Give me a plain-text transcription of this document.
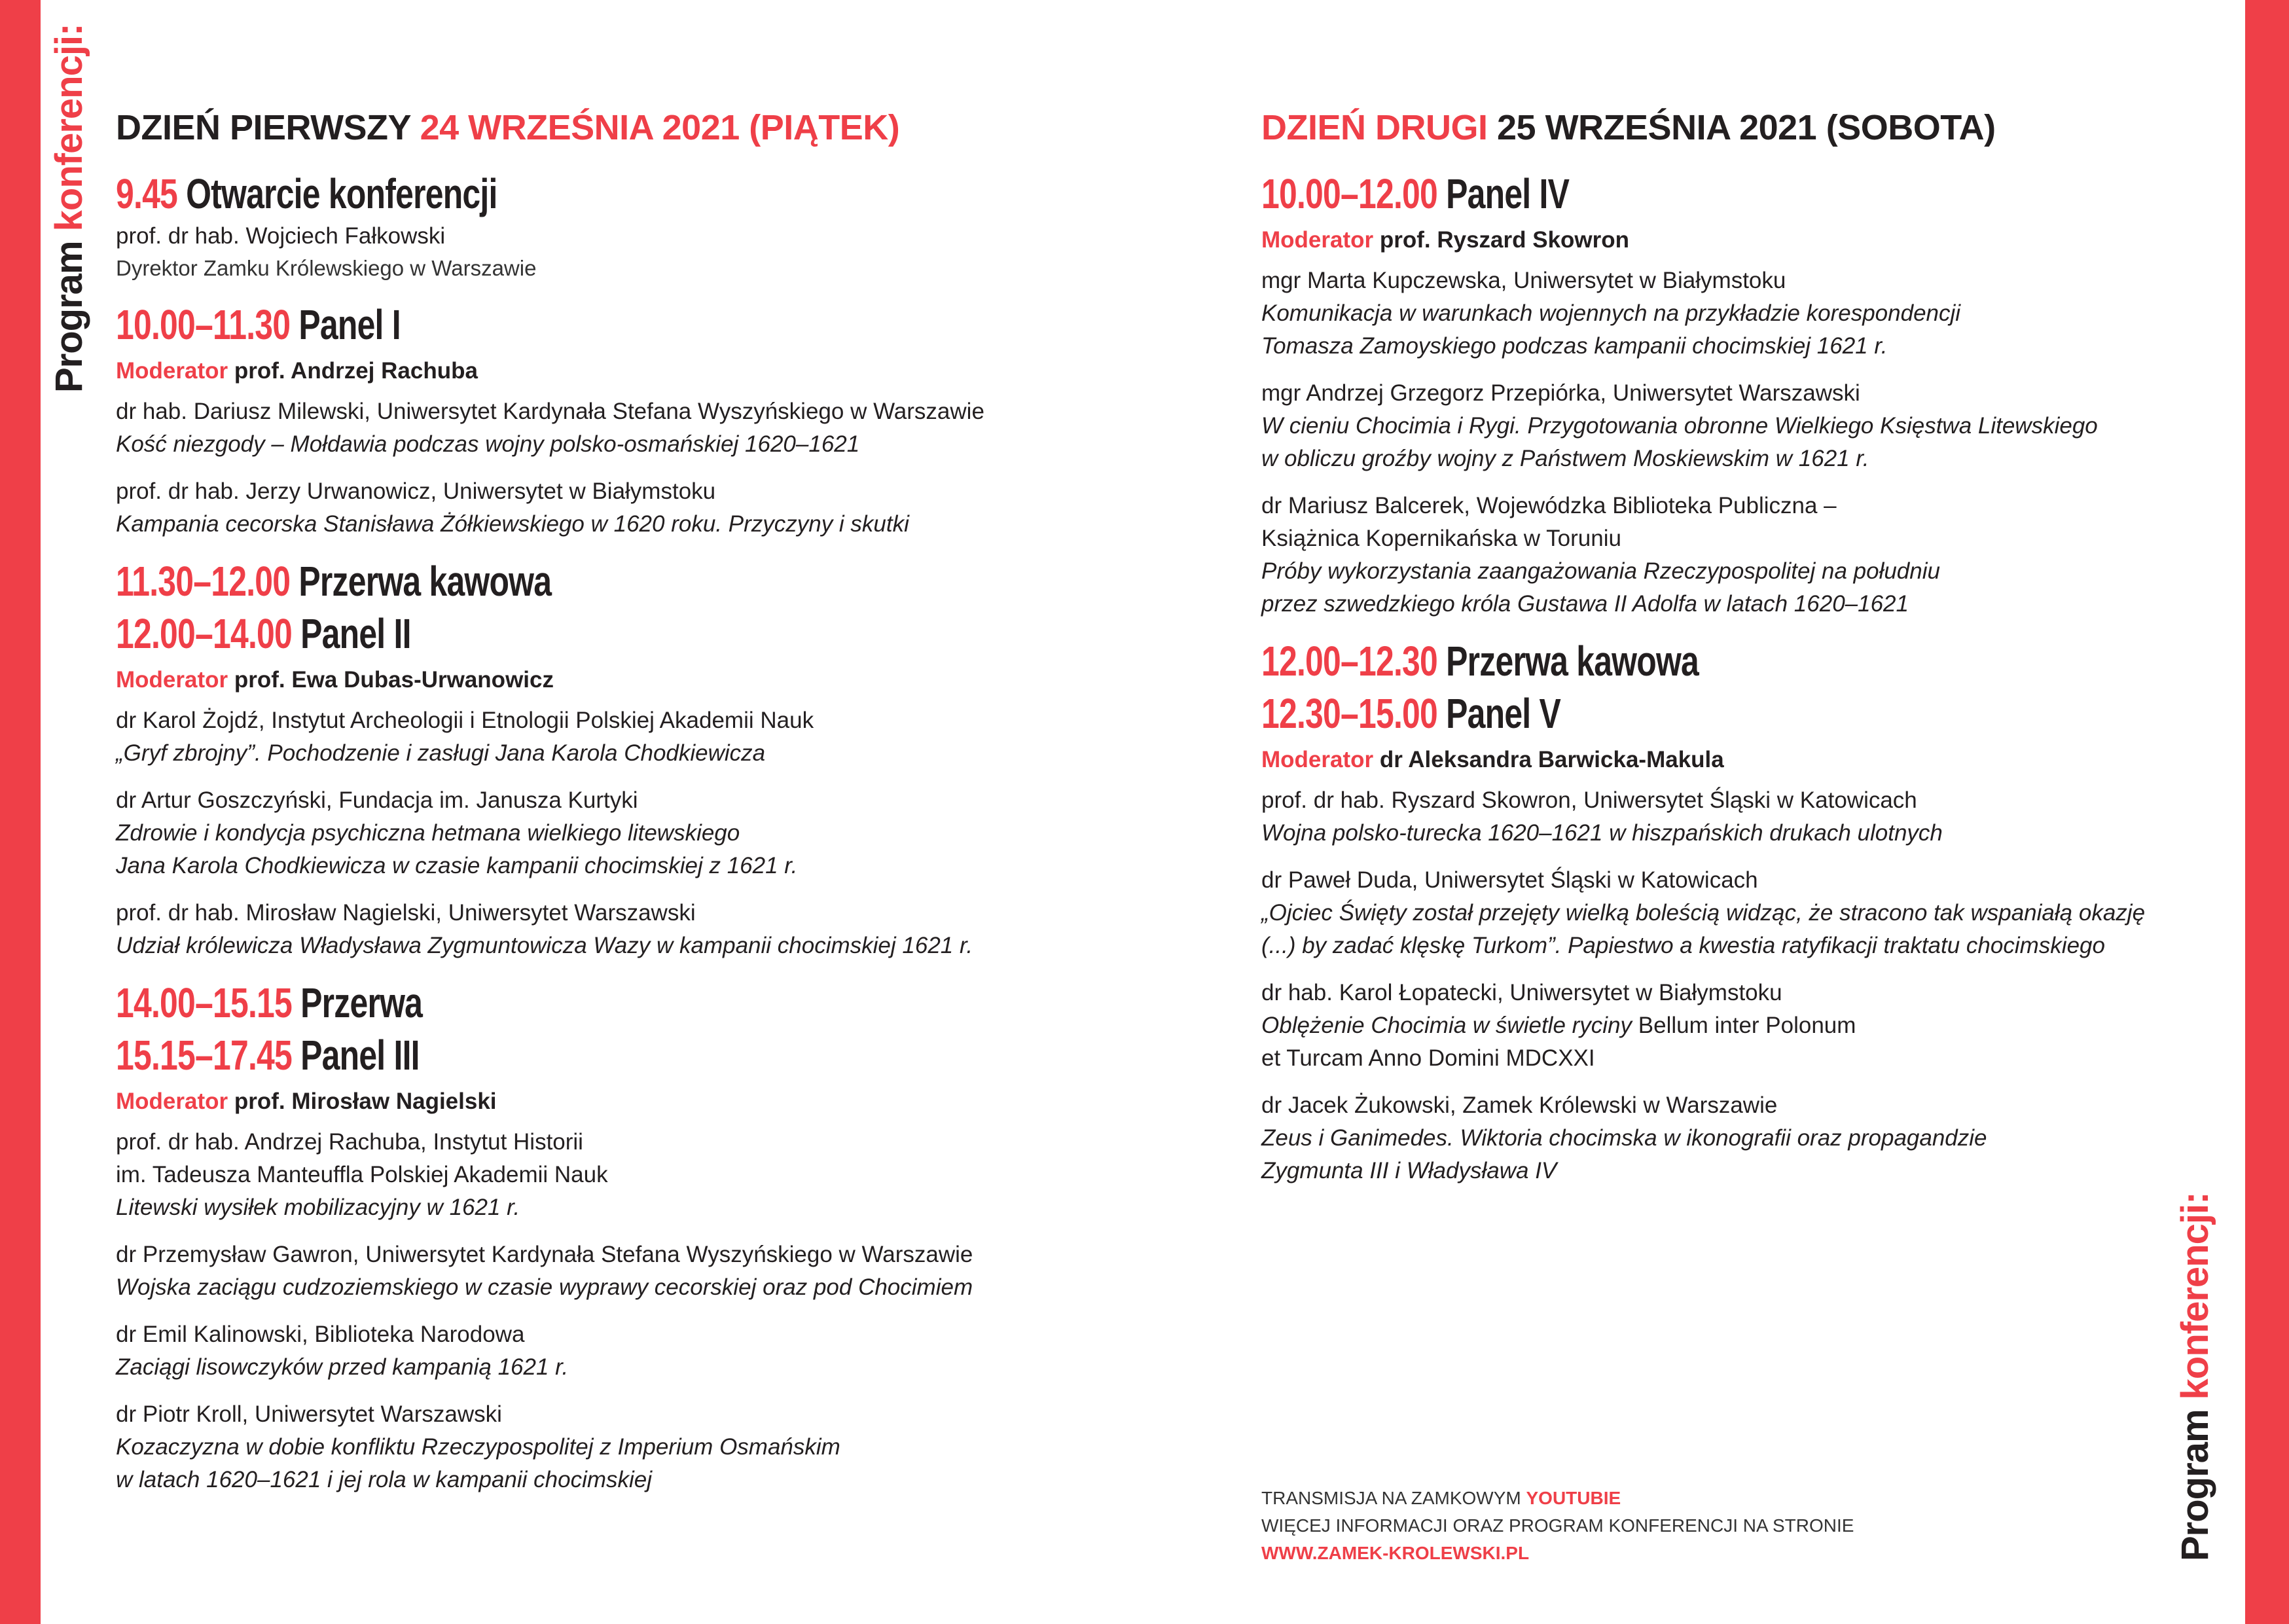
Program konferencji:
Program konferencji:
DZIEŃ PIERWSZY 24 WRZEŚNIA 2021 (PIĄTEK)
9.45 Otwarcie konferencji
prof. dr hab. Wojciech Fałkowski
Dyrektor Zamku Królewskiego w Warszawie
10.00–11.30 Panel I
Moderator prof. Andrzej Rachuba
dr hab. Dariusz Milewski, Uniwersytet Kardynała Stefana Wyszyńskiego w Warszawie
Kość niezgody – Mołdawia podczas wojny polsko-osmańskiej 1620–1621
prof. dr hab. Jerzy Urwanowicz, Uniwersytet w Białymstoku
Kampania cecorska Stanisława Żółkiewskiego w 1620 roku. Przyczyny i skutki
11.30–12.00 Przerwa kawowa
12.00–14.00 Panel II
Moderator prof. Ewa Dubas-Urwanowicz
dr Karol Żojdź, Instytut Archeologii i Etnologii Polskiej Akademii Nauk
„Gryf zbrojny”. Pochodzenie i zasługi Jana Karola Chodkiewicza
dr Artur Goszczyński, Fundacja im. Janusza Kurtyki
Zdrowie i kondycja psychiczna hetmana wielkiego litewskiego
Jana Karola Chodkiewicza w czasie kampanii chocimskiej z 1621 r.
prof. dr hab. Mirosław Nagielski, Uniwersytet Warszawski
Udział królewicza Władysława Zygmuntowicza Wazy w kampanii chocimskiej 1621 r.
14.00–15.15 Przerwa
15.15–17.45 Panel III
Moderator prof. Mirosław Nagielski
prof. dr hab. Andrzej Rachuba, Instytut Historii
im. Tadeusza Manteuffla Polskiej Akademii Nauk
Litewski wysiłek mobilizacyjny w 1621 r.
dr Przemysław Gawron, Uniwersytet Kardynała Stefana Wyszyńskiego w Warszawie
Wojska zaciągu cudzoziemskiego w czasie wyprawy cecorskiej oraz pod Chocimiem
dr Emil Kalinowski, Biblioteka Narodowa
Zaciągi lisowczyków przed kampanią 1621 r.
dr Piotr Kroll, Uniwersytet Warszawski
Kozaczyzna w dobie konfliktu Rzeczypospolitej z Imperium Osmańskim
w latach 1620–1621 i jej rola w kampanii chocimskiej
DZIEŃ DRUGI 25 WRZEŚNIA 2021 (SOBOTA)
10.00–12.00 Panel IV
Moderator prof. Ryszard Skowron
mgr Marta Kupczewska, Uniwersytet w Białymstoku
Komunikacja w warunkach wojennych na przykładzie korespondencji
Tomasza Zamoyskiego podczas kampanii chocimskiej 1621 r.
mgr Andrzej Grzegorz Przepiórka, Uniwersytet Warszawski
W cieniu Chocimia i Rygi. Przygotowania obronne Wielkiego Księstwa Litewskiego
w obliczu groźby wojny z Państwem Moskiewskim w 1621 r.
dr Mariusz Balcerek, Wojewódzka Biblioteka Publiczna –
Książnica Kopernikańska w Toruniu
Próby wykorzystania zaangażowania Rzeczypospolitej na południu
przez szwedzkiego króla Gustawa II Adolfa w latach 1620–1621
12.00–12.30 Przerwa kawowa
12.30–15.00 Panel V
Moderator dr Aleksandra Barwicka-Makula
prof. dr hab. Ryszard Skowron, Uniwersytet Śląski w Katowicach
Wojna polsko-turecka 1620–1621 w hiszpańskich drukach ulotnych
dr Paweł Duda, Uniwersytet Śląski w Katowicach
„Ojciec Święty został przejęty wielką boleścią widząc, że stracono tak wspaniałą okazję
(...) by zadać klęskę Turkom”. Papiestwo a kwestia ratyfikacji traktatu chocimskiego
dr hab. Karol Łopatecki, Uniwersytet w Białymstoku
Oblężenie Chocimia w świetle ryciny Bellum inter Polonum
et Turcam Anno Domini MDCXXI
dr Jacek Żukowski, Zamek Królewski w Warszawie
Zeus i Ganimedes. Wiktoria chocimska w ikonografii oraz propagandzie
Zygmunta III i Władysława IV
TRANSMISJA NA ZAMKOWYM YOUTUBIE
WIĘCEJ INFORMACJI ORAZ PROGRAM KONFERENCJI NA STRONIE
WWW.ZAMEK-KROLEWSKI.PL
